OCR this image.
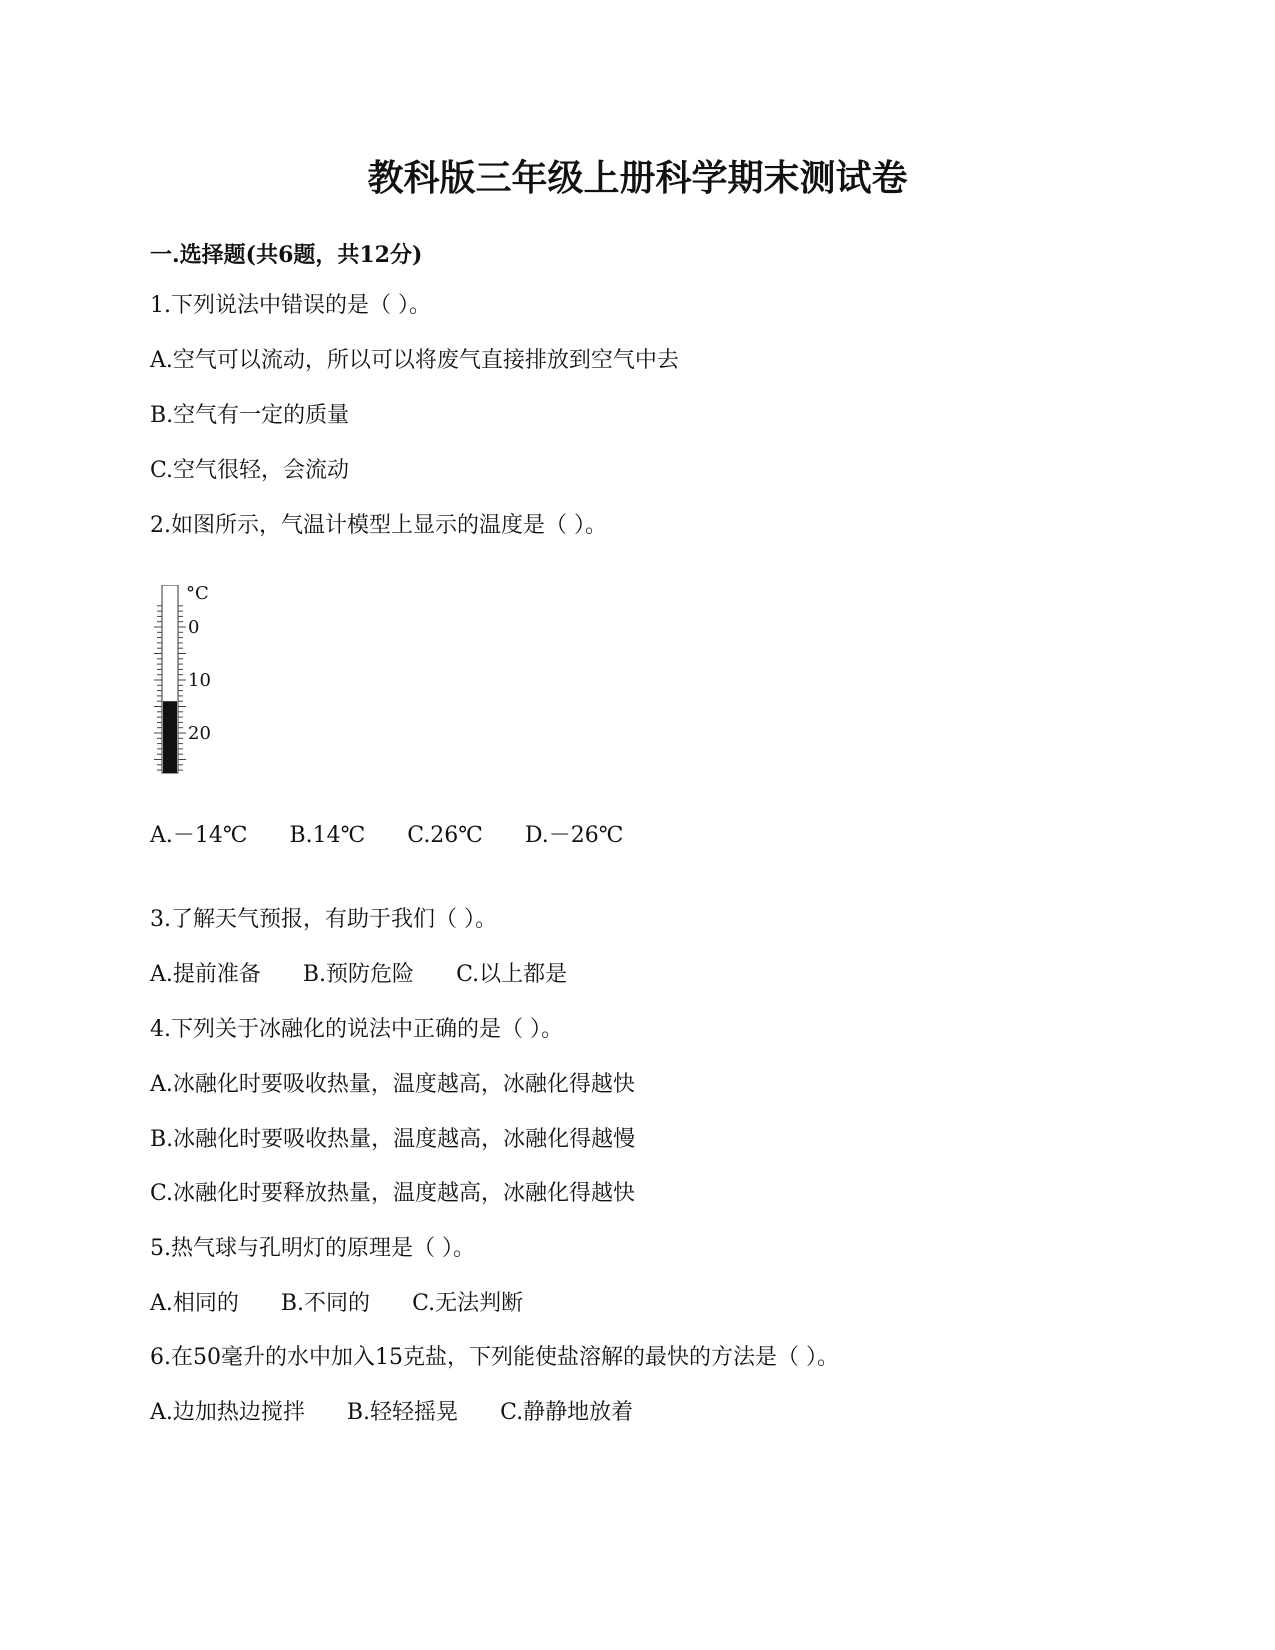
教科版三年级上册科学期末测试卷
一.选择题(共6题，共12分)
1.下列说法中错误的是（ ）。
A.空气可以流动，所以可以将废气直接排放到空气中去
B.空气有一定的质量
C.空气很轻，会流动
2.如图所示，气温计模型上显示的温度是（ ）。
°C
0
10
20
A.－14℃ B.14℃ C.26℃ D.－26℃
3.了解天气预报，有助于我们（ ）。
A.提前准备 B.预防危险 C.以上都是
4.下列关于冰融化的说法中正确的是（ ）。
A.冰融化时要吸收热量，温度越高，冰融化得越快
B.冰融化时要吸收热量，温度越高，冰融化得越慢
C.冰融化时要释放热量，温度越高，冰融化得越快
5.热气球与孔明灯的原理是（ ）。
A.相同的 B.不同的 C.无法判断
6.在50毫升的水中加入15克盐，下列能使盐溶解的最快的方法是（ ）。
A.边加热边搅拌 B.轻轻摇晃 C.静静地放着
